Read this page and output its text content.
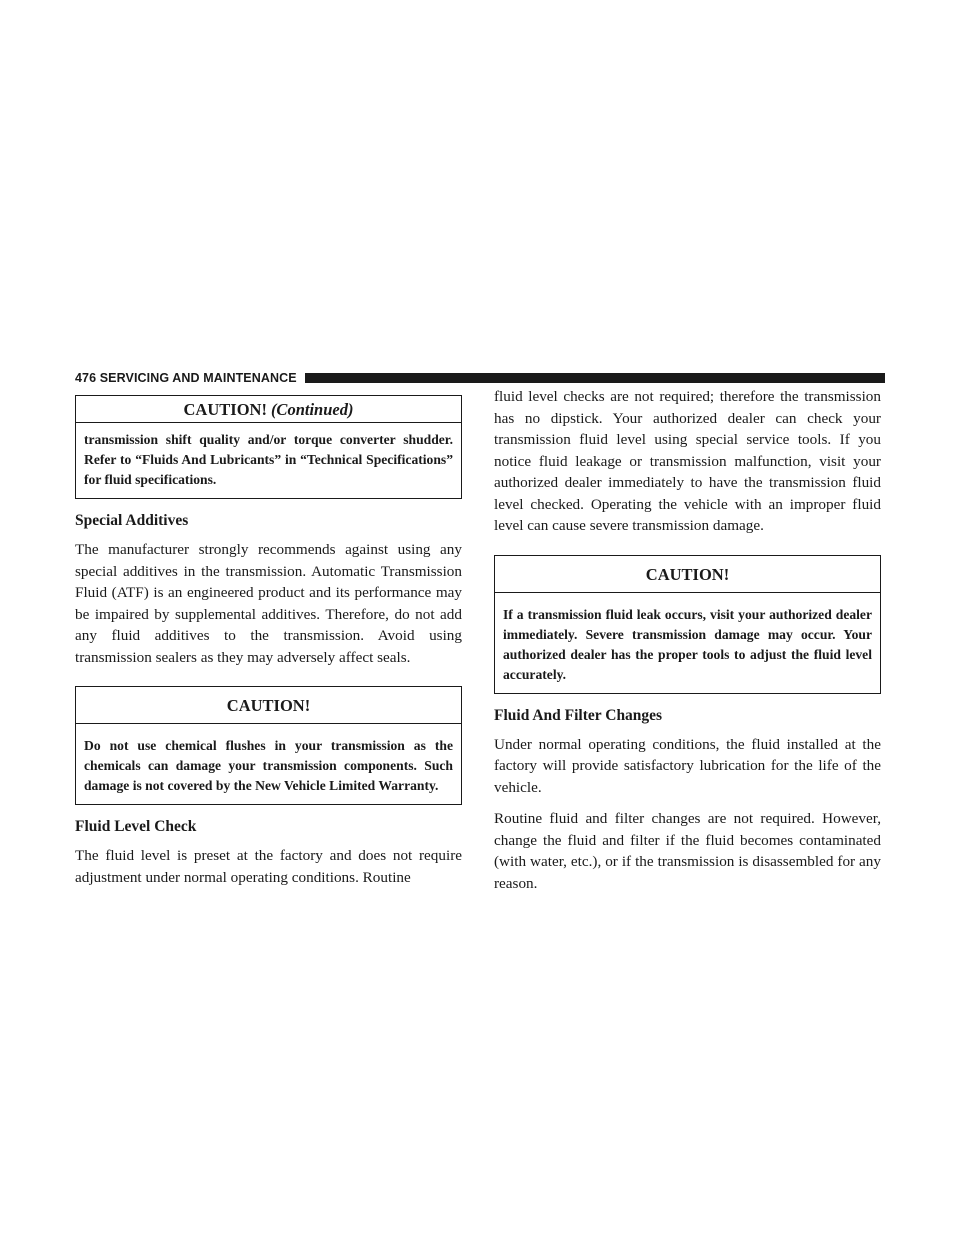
476 SERVICING AND MAINTENANCE
CAUTION! (Continued)
transmission shift quality and/or torque converter shudder. Refer to “Fluids And Lubricants” in “Technical Specifications” for fluid specifications.
Special Additives

The manufacturer strongly recommends against using any special additives in the transmission. Automatic Transmission Fluid (ATF) is an engineered product and its performance may be impaired by supplemental additives. Therefore, do not add any fluid additives to the transmission. Avoid using transmission sealers as they may adversely affect seals.

CAUTION!
Do not use chemical flushes in your transmission as the chemicals can damage your transmission components. Such damage is not covered by the New Vehicle Limited Warranty.
Fluid Level Check

The fluid level is preset at the factory and does not require adjustment under normal operating conditions. Routine

fluid level checks are not required; therefore the transmission has no dipstick. Your authorized dealer can check your transmission fluid level using special service tools. If you notice fluid leakage or transmission malfunction, visit your authorized dealer immediately to have the transmission fluid level checked. Operating the vehicle with an improper fluid level can cause severe transmission damage.

CAUTION!
If a transmission fluid leak occurs, visit your authorized dealer immediately. Severe transmission damage may occur. Your authorized dealer has the proper tools to adjust the fluid level accurately.
Fluid And Filter Changes

Under normal operating conditions, the fluid installed at the factory will provide satisfactory lubrication for the life of the vehicle.

Routine fluid and filter changes are not required. However, change the fluid and filter if the fluid becomes contaminated (with water, etc.), or if the transmission is disassembled for any reason.
